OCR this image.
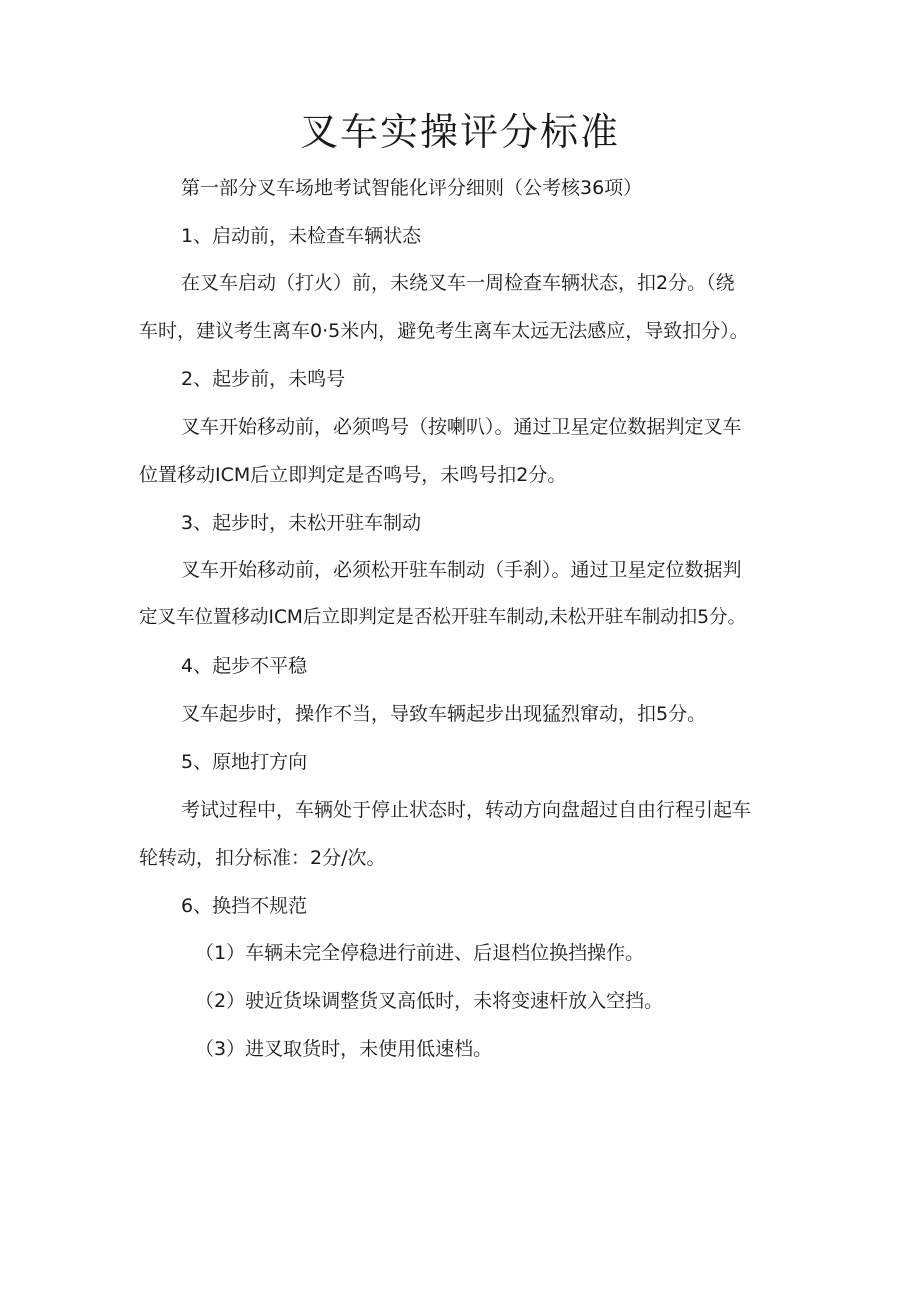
叉车实操评分标准

第一部分叉车场地考试智能化评分细则（公考核36项）

1、启动前，未检查车辆状态

在叉车启动（打火）前，未绕叉车一周检查车辆状态，扣2分。（绕

车时，建议考生离车0·5米内，避免考生离车太远无法感应，导致扣分）。

2、起步前，未鸣号

叉车开始移动前，必须鸣号（按喇叭）。通过卫星定位数据判定叉车

位置移动ICM后立即判定是否鸣号，未鸣号扣2分。

3、起步时，未松开驻车制动

叉车开始移动前，必须松开驻车制动（手刹）。通过卫星定位数据判

定叉车位置移动ICM后立即判定是否松开驻车制动,未松开驻车制动扣5分。

4、起步不平稳

叉车起步时，操作不当，导致车辆起步出现猛烈窜动，扣5分。

5、原地打方向

考试过程中，车辆处于停止状态时，转动方向盘超过自由行程引起车

轮转动，扣分标准：2分/次。

6、换挡不规范

（1）车辆未完全停稳进行前进、后退档位换挡操作。

（2）驶近货垛调整货叉高低时，未将变速杆放入空挡。

（3）进叉取货时，未使用低速档。
